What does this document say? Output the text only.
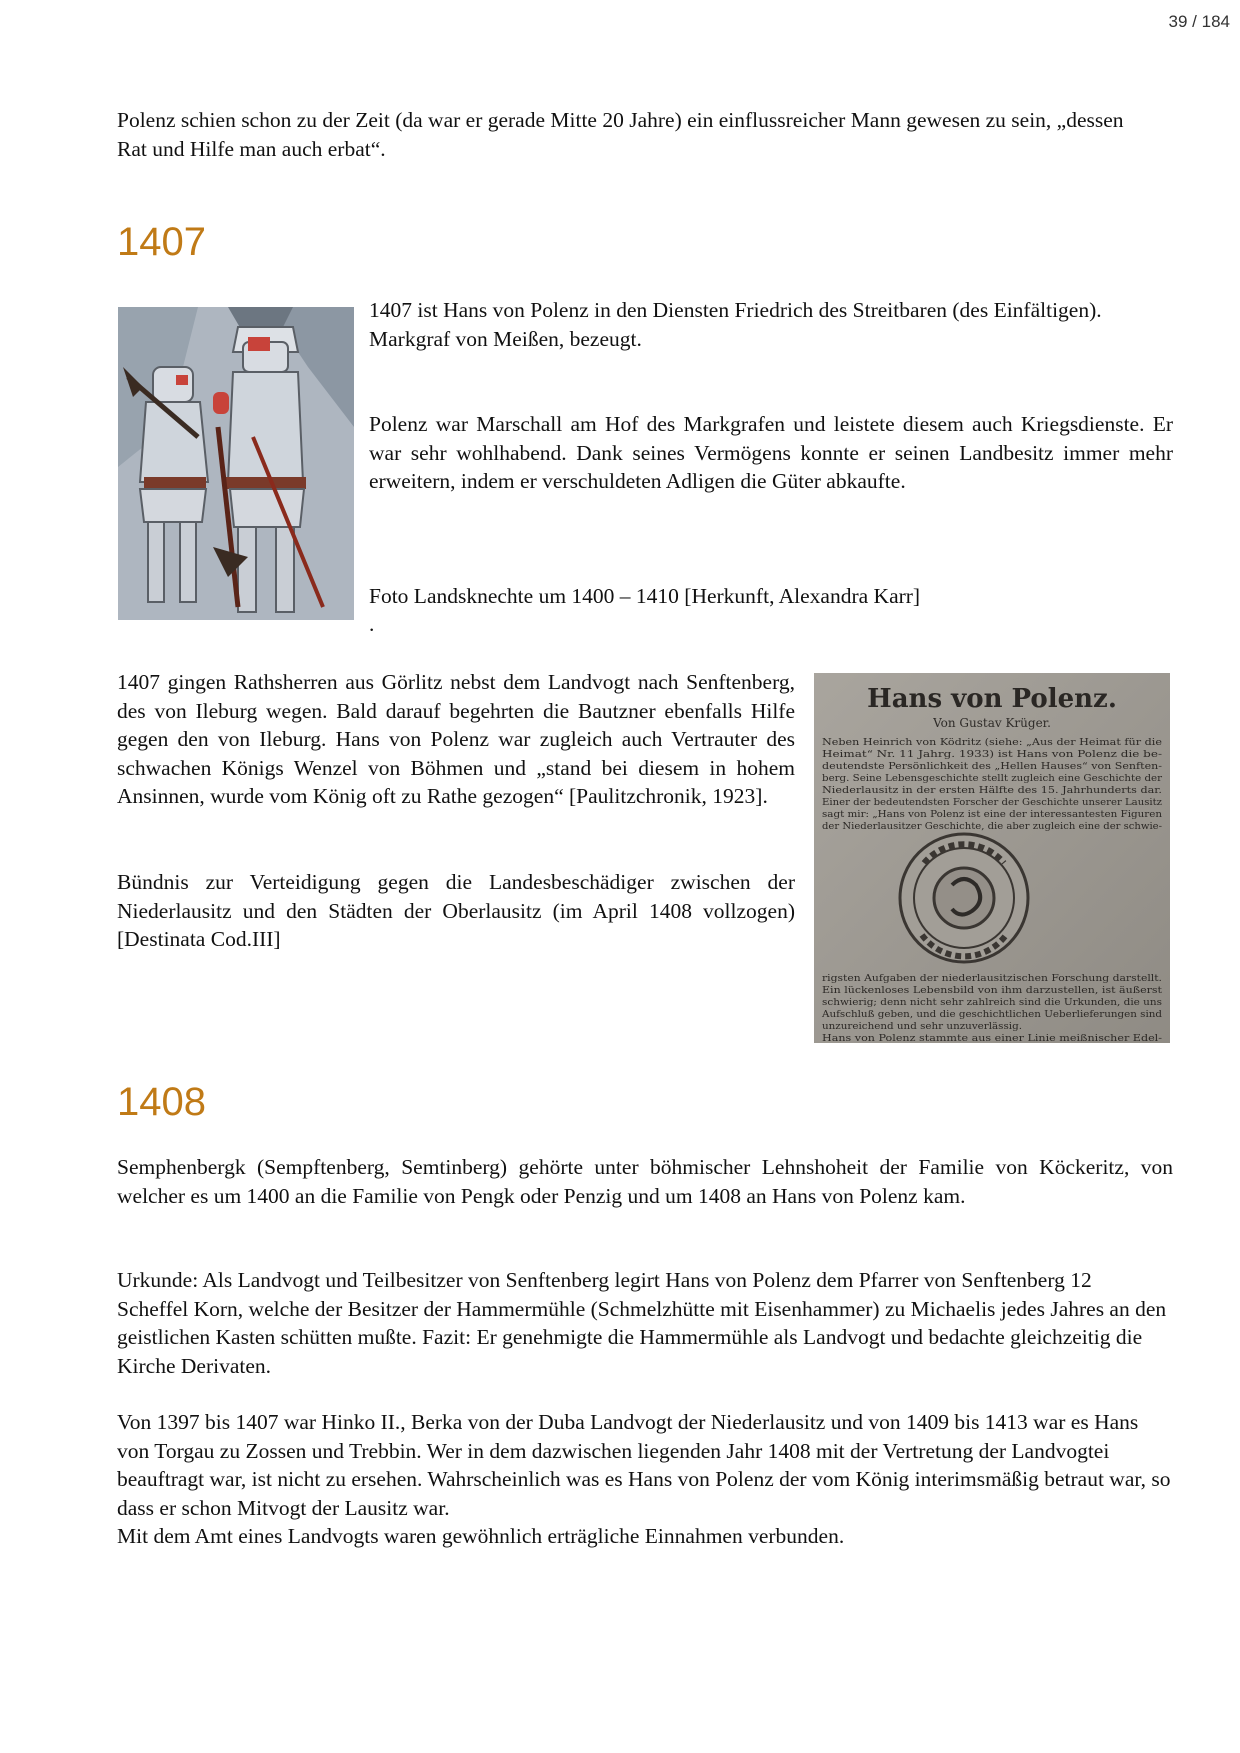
39 / 184

Polenz schien schon zu der Zeit (da war er gerade Mitte 20 Jahre) ein einflussreicher Mann gewesen zu sein, „dessen Rat und Hilfe man auch erbat“.

1407

1407 ist Hans von Polenz in den Diensten Friedrich des Streitbaren (des Einfältigen). Markgraf von Meißen, bezeugt.

Polenz war Marschall am Hof des Markgrafen und leistete diesem auch Kriegsdienste. Er war sehr wohlhabend. Dank seines Vermögens konnte er seinen Landbesitz immer mehr erweitern, indem er verschuldeten Adligen die Güter abkaufte.

Foto Landsknechte um 1400 – 1410 [Herkunft, Alexandra Karr]

.

1407 gingen Rathsherren aus Görlitz nebst dem Landvogt nach Senftenberg, des von Ileburg wegen. Bald darauf begehrten die Bautzner ebenfalls Hilfe gegen den von Ileburg. Hans von Polenz war zugleich auch Vertrauter des schwachen Königs Wenzel von Böhmen und „stand bei diesem in hohem Ansinnen, wurde vom König oft zu Rathe gezogen“ [Paulitzchronik, 1923].

Bündnis zur Verteidigung gegen die Landesbeschädiger zwischen der Niederlausitz und den Städten der Oberlausitz (im April 1408 vollzogen) [Destinata Cod.III]

Hans von Polenz.
Von Gustav Krüger.
Neben Heinrich von Ködritz (siehe: „Aus der Heimat für die
Heimat“ Nr. 11 Jahrg. 1933) ist Hans von Polenz die be-
deutendste Persönlichkeit des „Hellen Hauses“ von Senften-
berg. Seine Lebensgeschichte stellt zugleich eine Geschichte der
Niederlausitz in der ersten Hälfte des 15. Jahrhunderts dar.
Einer der bedeutendsten Forscher der Geschichte unserer Lausitz
sagt mir: „Hans von Polenz ist eine der interessantesten Figuren
der Niederlausitzer Geschichte, die aber zugleich eine der schwie-
rigsten Aufgaben der niederlausitzischen Forschung darstellt.
Ein lückenloses Lebensbild von ihm darzustellen, ist äußerst
schwierig; denn nicht sehr zahlreich sind die Urkunden, die uns
Aufschluß geben, und die geschichtlichen Ueberlieferungen sind
unzureichend und sehr unzuverlässig.
Hans von Polenz stammte aus einer Linie meißnischer Edel-
1408

Semphenbergk (Sempftenberg, Semtinberg) gehörte unter böhmischer Lehnshoheit der Familie von Köckeritz, von welcher es um 1400 an die Familie von Pengk oder Penzig und um 1408 an Hans von Polenz kam.

Urkunde: Als Landvogt und Teilbesitzer von Senftenberg legirt Hans von Polenz dem Pfarrer von Senftenberg 12 Scheffel Korn, welche der Besitzer der Hammermühle (Schmelzhütte mit Eisenhammer) zu Michaelis jedes Jahres an den geistlichen Kasten schütten mußte. Fazit: Er genehmigte die Hammermühle als Landvogt und bedachte gleichzeitig die Kirche Derivaten.

Von 1397 bis 1407 war Hinko II., Berka von der Duba Landvogt der Niederlausitz und von 1409 bis 1413 war es Hans von Torgau zu Zossen und Trebbin. Wer in dem dazwischen liegenden Jahr 1408 mit der Vertretung der Landvogtei beauftragt war, ist nicht zu ersehen. Wahrscheinlich was es Hans von Polenz der vom König interimsmäßig betraut war, so dass er schon Mitvogt der Lausitz war.

Mit dem Amt eines Landvogts waren gewöhnlich erträgliche Einnahmen verbunden.
